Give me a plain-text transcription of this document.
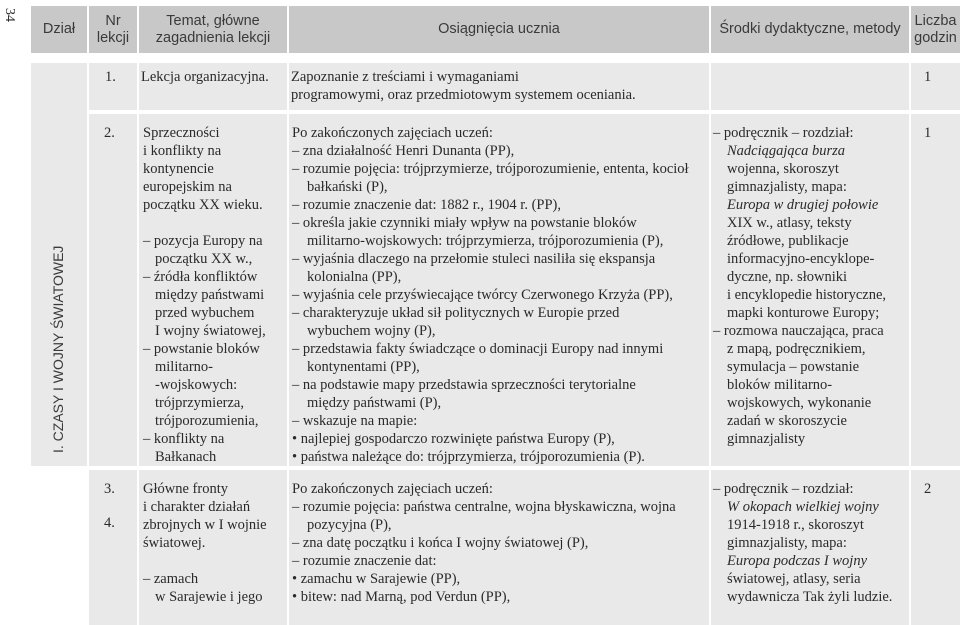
34
Dział
Nr
lekcji
Temat, główne
zagadnienia lekcji
Osiągnięcia ucznia	Środki dydaktyczne, metody
Liczba
godzin
I. CZASY I WOJNY ŚWIATOWEJ
1. Lekcja organizacyjna. Zapoznanie z treściami i wymaganiami
programowymi, oraz przedmiotowym systemem oceniania.
1
2. Sprzeczności
i konflikty na
kontynencie
europejskim na
początku XX wieku.
– pozycja Europy na
początku XX w.,
– źródła konfliktów
między państwami
przed wybuchem
I wojny światowej,
– powstanie bloków
militarno-
-wojskowych:
trójprzymierza,
trójporozumienia,
– konflikty na
Bałkanach
Po zakończonych zajęciach uczeń:
– zna działalność Henri Dunanta (PP),
– rozumie pojęcia: trójprzymierze, trójporozumienie, ententa, kocioł
bałkański (P),
– rozumie znaczenie dat: 1882 r., 1904 r. (PP),
– określa jakie czynniki miały wpływ na powstanie bloków
militarno-wojskowych: trójprzymierza, trójporozumienia (P),
– wyjaśnia dlaczego na przełomie stuleci nasiliła się ekspansja
kolonialna (PP),
– wyjaśnia cele przyświecające twórcy Czerwonego Krzyża (PP),
– charakteryzuje układ sił politycznych w Europie przed
wybuchem wojny (P),
– przedstawia fakty świadczące o dominacji Europy nad innymi
kontynentami (PP),
– na podstawie mapy przedstawia sprzeczności terytorialne
między państwami (P),
– wskazuje na mapie:
• najlepiej gospodarczo rozwinięte państwa Europy (P),
• państwa należące do: trójprzymierza, trójporozumienia (P).
– podręcznik – rozdział:
Nadciągająca burza
wojenna, skoroszyt
gimnazjalisty, mapa:
Europa w drugiej połowie
XIX w., atlasy, teksty
źródłowe, publikacje
informacyjno-encyklope-
dyczne, np. słowniki
i encyklopedie historyczne,
mapki konturowe Europy;
– rozmowa nauczająca, praca
z mapą, podręcznikiem,
symulacja – powstanie
bloków militarno-
wojskowych, wykonanie
zadań w skoroszycie
gimnazjalisty
1
3.
4.
Główne fronty
i charakter działań
zbrojnych w I wojnie
światowej.
– zamach
w Sarajewie i jego
Po zakończonych zajęciach uczeń:
– rozumie pojęcia: państwa centralne, wojna błyskawiczna, wojna
pozycyjna (P),
– zna datę początku i końca I wojny światowej (P),
– rozumie znaczenie dat:
• zamachu w Sarajewie (PP),
• bitew: nad Marną, pod Verdun (PP),
– podręcznik – rozdział:
W okopach wielkiej wojny
1914-1918 r., skoroszyt
gimnazjalisty, mapa:
Europa podczas I wojny
światowej, atlasy, seria
wydawnicza Tak żyli ludzie.
2
